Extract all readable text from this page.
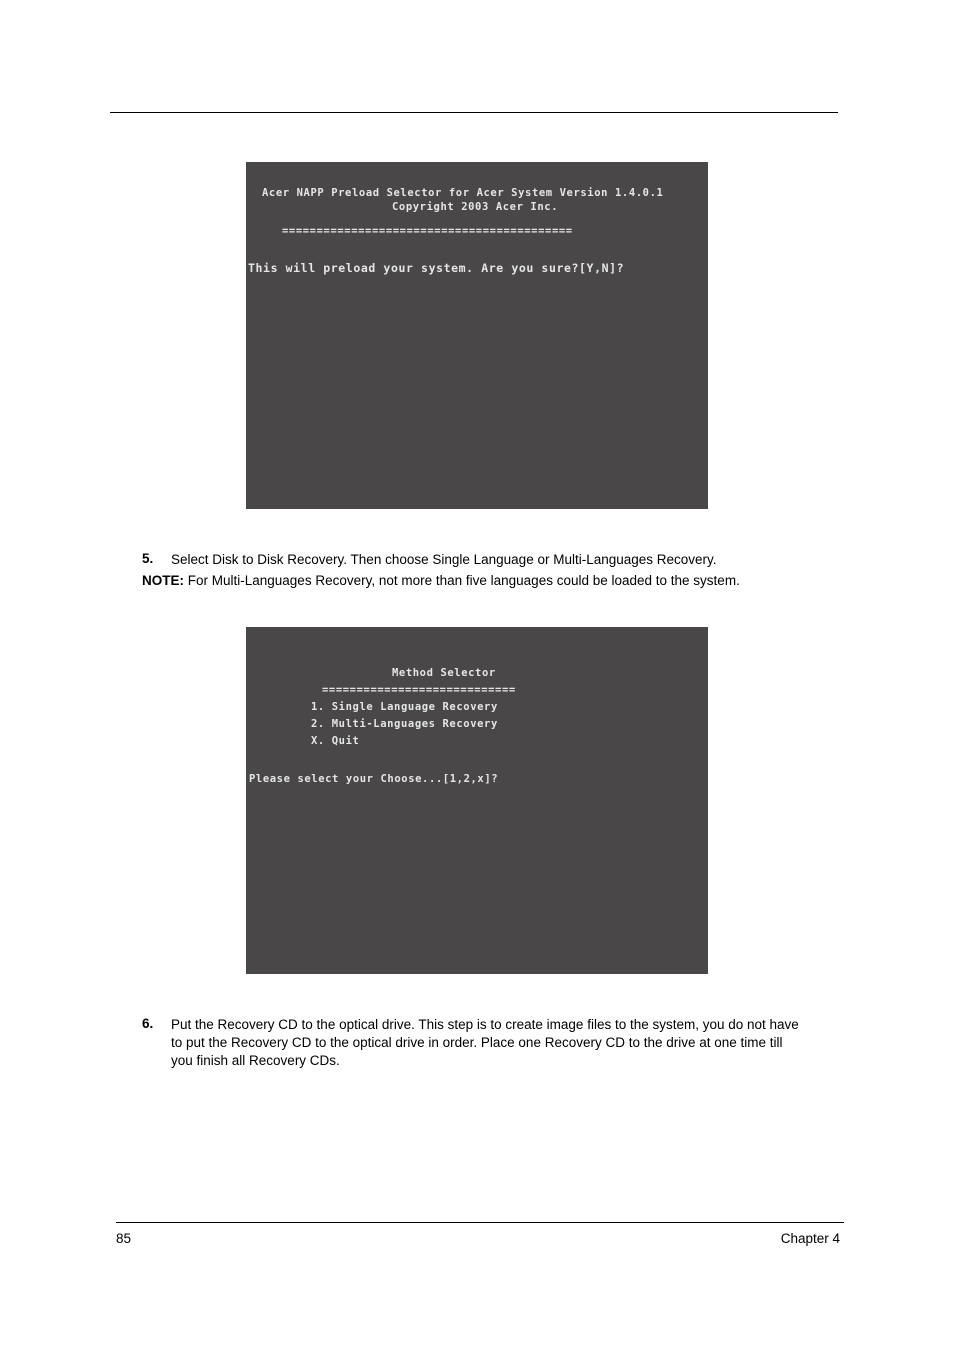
Acer NAPP Preload Selector for Acer System Version 1.4.0.1
Copyright 2003 Acer Inc.
==========================================
This will preload your system. Are you sure?[Y,N]?
5. Select Disk to Disk Recovery. Then choose Single Language or Multi-Languages Recovery.
NOTE: For Multi-Languages Recovery, not more than five languages could be loaded to the system.
Method Selector
============================
1. Single Language Recovery
2. Multi-Languages Recovery
X. Quit
Please select your Choose...[1,2,x]?
6. Put the Recovery CD to the optical drive. This step is to create image files to the system, you do not have
to put the Recovery CD to the optical drive in order. Place one Recovery CD to the drive at one time till
you finish all Recovery CDs.
85	Chapter 4
